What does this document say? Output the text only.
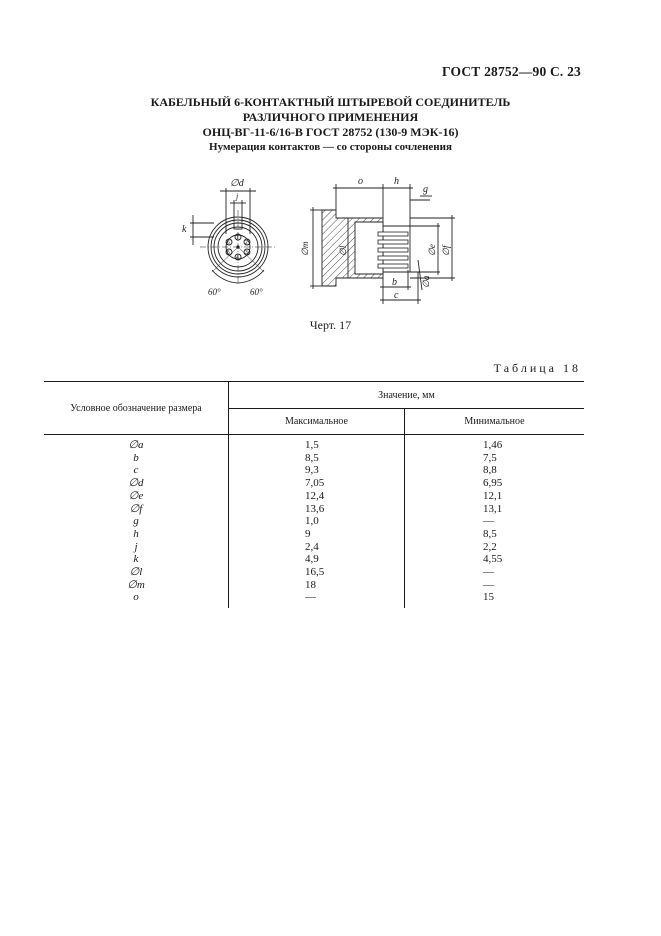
ГОСТ 28752—90 С. 23
КАБЕЛЬНЫЙ 6-КОНТАКТНЫЙ ШТЫРЕВОЙ СОЕДИНИТЕЛЬ
РАЗЛИЧНОГО ПРИМЕНЕНИЯ
ОНЦ-ВГ-11-6/16-В ГОСТ 28752 (130-9 МЭК-16)
Нумерация контактов — со стороны сочленения
∅d
j
k
60°	60°
o	h
g
∅m	∅l	∅e ∅f
∅a
b
c
1
2
3
4
5
6
Черт. 17
Таблица 18
Условное обозначение размера	Значение, мм	
	Максимальное	Минимальное
∅a	1,5	1,46
b	8,5	7,5
c	9,3	8,8
∅d	7,05	6,95
∅e	12,4	12,1
∅f	13,6	13,1
g	1,0	—
h	9	8,5
j	2,4	2,2
k	4,9	4,55
∅l	16,5	—
∅m	18	—
o	—	15
